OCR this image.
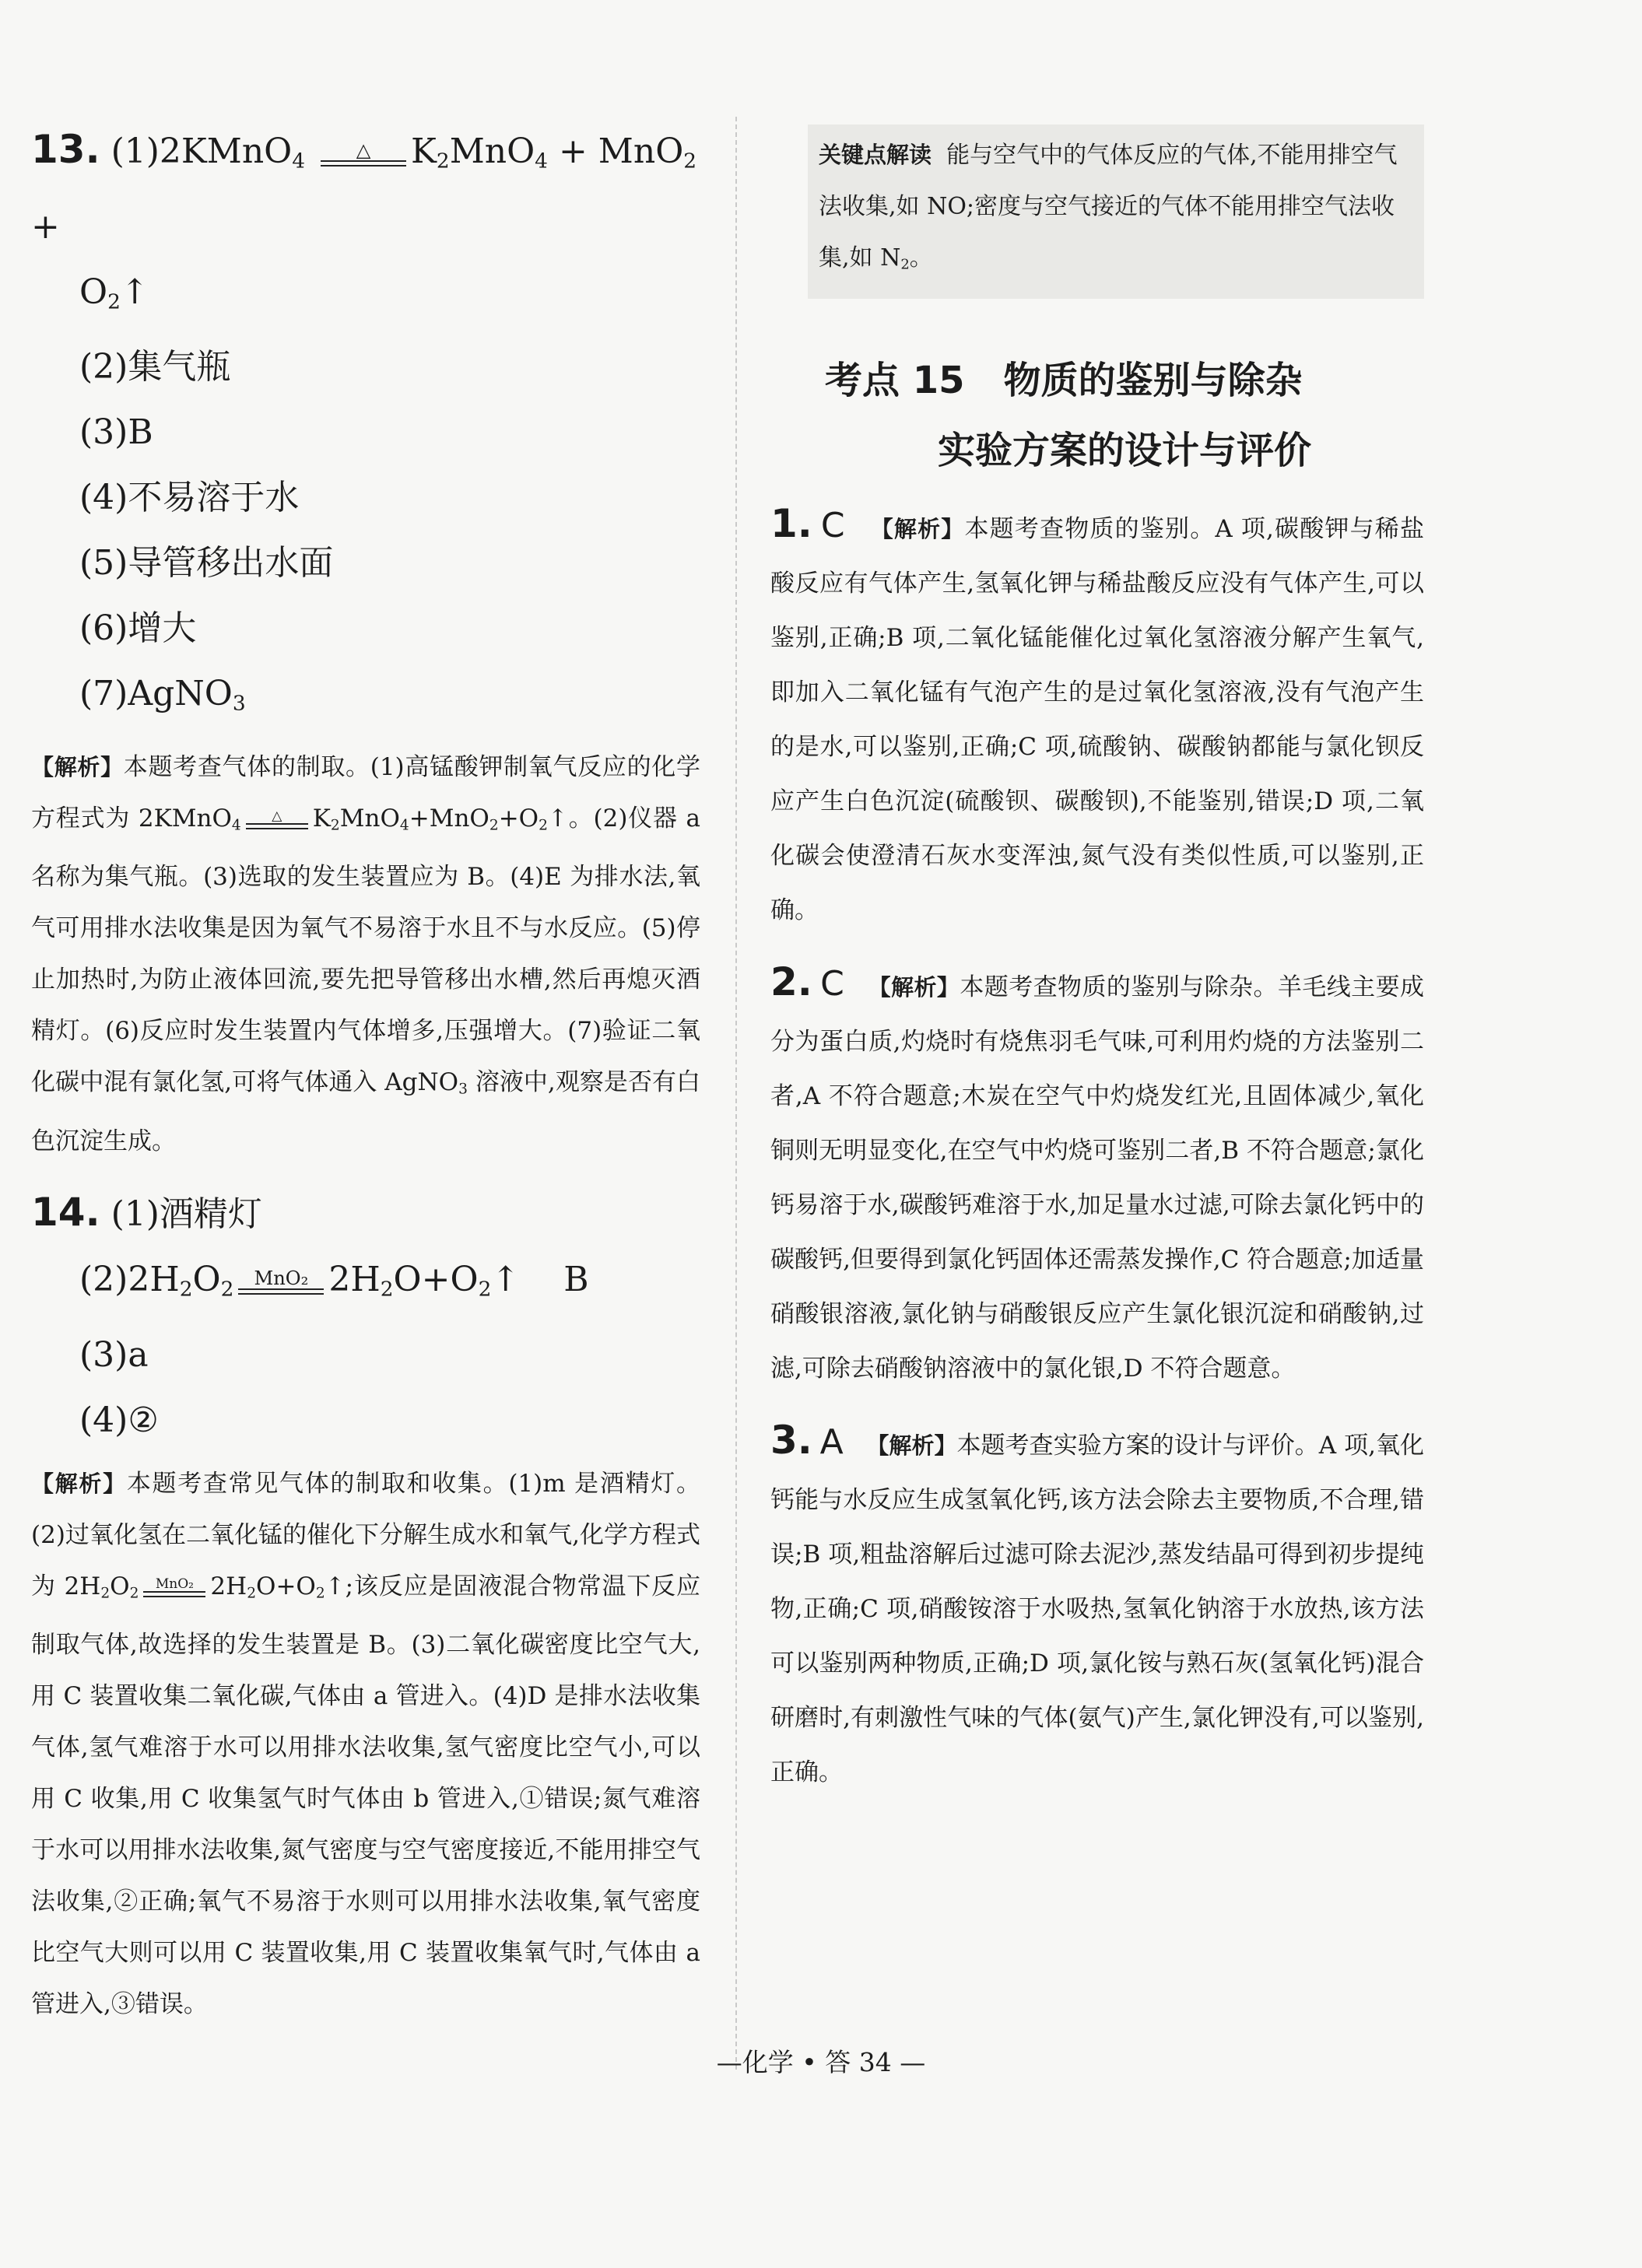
13. (1)2KMnO$_4$	△	$K_2MnO_4 + MnO_2$ +
$O_2↑$
(2)集气瓶
(3)B
(4)不易溶于水
(5)导管移出水面
(6)增大
(7)AgNO$_3$
【解析】本题考查气体的制取。(1)高锰酸钾制氧气反应的化学方程式为 2KMnO$_4$
△	$K_2MnO_4+MnO_2+O_2↑$。(2)仪器 a 名称为集气瓶。(3)选取的发生装置应为 B。(4)E 为排水法,氧气可用排水法收集是因为氧气不易溶于水且不与水反应。(5)停止加热时,为防止液体回流,要先把导管移出水槽,然后再熄灭酒精灯。(6)反应时发生装置内气体增多,压强增大。(7)验证二氧化碳中混有氯化氢,可将气体通入 AgNO$_3$ 溶液中,观察是否有白色沉淀生成。
14. (1)酒精灯
$(2)2H_2O_2$	MnO₂ $2H_2O+O_2↑$ B
(3)a
(4)②
【解析】本题考查常见气体的制取和收集。(1)m 是酒精灯。(2)过氧化氢在二氧化锰的催化下分解生成水和氧气,化学方程式为 $2H_2O_2$
MnO₂ $2H_2O+O_2↑$;该反应是固液混合物常温下反应制取气体,故选择的发生装置是 B。(3)二氧化碳密度比空气大,用 C 装置收集二氧化碳,气体由 a 管进入。(4)D 是排水法收集气体,氢气难溶于水可以用排水法收集,氢气密度比空气小,可以用 C 收集,用 C 收集氢气时气体由 b 管进入,①错误;氮气难溶于水可以用排水法收集,氮气密度与空气密度接近,不能用排空气法收集,②正确;氧气不易溶于水则可以用排水法收集,氧气密度比空气大则可以用 C 装置收集,用 C 装置收集氧气时,气体由 a 管进入,③错误。
关键点解读 能与空气中的气体反应的气体,不能用排空气法收集,如 NO;密度与空气接近的气体不能用排空气法收集,如 $N_2$。
考点 15   物质的鉴别与除杂
实验方案的设计与评价
1. C 【解析】本题考查物质的鉴别。A 项,碳酸钾与稀盐酸反应有气体产生,氢氧化钾与稀盐酸反应没有气体产生,可以鉴别,正确;B 项,二氧化锰能催化过氧化氢溶液分解产生氧气,即加入二氧化锰有气泡产生的是过氧化氢溶液,没有气泡产生的是水,可以鉴别,正确;C 项,硫酸钠、碳酸钠都能与氯化钡反应产生白色沉淀(硫酸钡、碳酸钡),不能鉴别,错误;D 项,二氧化碳会使澄清石灰水变浑浊,氮气没有类似性质,可以鉴别,正确。
2. C 【解析】本题考查物质的鉴别与除杂。羊毛线主要成分为蛋白质,灼烧时有烧焦羽毛气味,可利用灼烧的方法鉴别二者,A 不符合题意;木炭在空气中灼烧发红光,且固体减少,氧化铜则无明显变化,在空气中灼烧可鉴别二者,B 不符合题意;氯化钙易溶于水,碳酸钙难溶于水,加足量水过滤,可除去氯化钙中的碳酸钙,但要得到氯化钙固体还需蒸发操作,C 符合题意;加适量硝酸银溶液,氯化钠与硝酸银反应产生氯化银沉淀和硝酸钠,过滤,可除去硝酸钠溶液中的氯化银,D 不符合题意。
3. A 【解析】本题考查实验方案的设计与评价。A 项,氧化钙能与水反应生成氢氧化钙,该方法会除去主要物质,不合理,错误;B 项,粗盐溶解后过滤可除去泥沙,蒸发结晶可得到初步提纯物,正确;C 项,硝酸铵溶于水吸热,氢氧化钠溶于水放热,该方法可以鉴别两种物质,正确;D 项,氯化铵与熟石灰(氢氧化钙)混合研磨时,有刺激性气味的气体(氨气)产生,氯化钾没有,可以鉴别,正确。
—化学 • 答 34 —
